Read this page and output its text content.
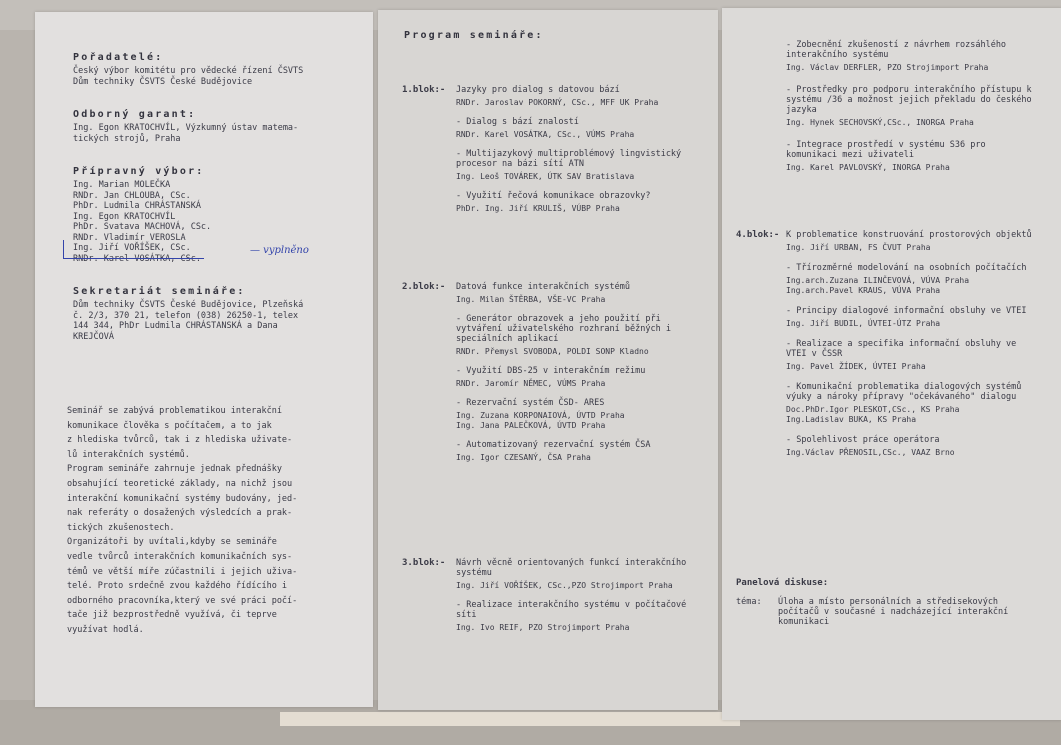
Pořadatelé:
Český výbor komitétu pro vědecké řízení ČSVTS
Dům techniky ČSVTS České Budějovice
Odborný garant:
Ing. Egon KRATOCHVÍL, Výzkumný ústav matema-
tických strojů, Praha
Přípravný výbor:
Ing. Marian MOLEČKA
RNDr. Jan CHLOUBA, CSc.
PhDr. Ludmila CHRÁSTANSKÁ
Ing. Egon KRATOCHVÍL
PhDr. Svatava MACHOVÁ, CSc.
RNDr. Vladimír VEROSLA
Ing. Jiří VOŘÍŠEK, CSc.
RNDr. Karel VOSÁTKA, CSc.
Sekretariát semináře:
Dům techniky ČSVTS České Budějovice, Plzeňská
č. 2/3, 370 21, telefon (038) 26250-1, telex
144 344, PhDr Ludmila CHRÁSTANSKÁ a Dana
KREJČOVÁ
— vyplněno
Seminář se zabývá problematikou interakční
komunikace člověka s počítačem, a to jak
z hlediska tvůrců, tak i z hlediska uživate-
lů interakčních systémů.
Program semináře zahrnuje jednak přednášky
obsahující teoretické základy, na nichž jsou
interakční komunikační systémy budovány, jed-
nak referáty o dosažených výsledcích a prak-
tických zkušenostech.
Organizátoři by uvítali,kdyby se semináře
vedle tvůrců interakčních komunikačních sys-
témů ve větší míře zúčastnili i jejich uživa-
telé. Proto srdečně zvou každého řídícího i
odborného pracovníka,který ve své práci počí-
tače již bezprostředně využívá, či teprve
využívat hodlá.
Program semináře:
1.blok:- Jazyky pro dialog s datovou bází
RNDr. Jaroslav POKORNÝ, CSc., MFF UK Praha
- Dialog s bází znalostí
RNDr. Karel VOSÁTKA, CSc., VÚMS Praha
- Multijazykový multiproblémový lingvistický procesor na bázi sítí ATN
Ing. Leoš TOVÁREK, ÚTK SAV Bratislava
- Využití řečová komunikace obrazovky?
PhDr. Ing. Jiří KRULIŠ, VÚBP Praha
2.blok:- Datová funkce interakčních systémů
Ing. Milan ŠTĚRBA, VŠE-VC Praha
- Generátor obrazovek a jeho použití při vytváření uživatelského rozhraní běžných i speciálních aplikací
RNDr. Přemysl SVOBODA, POLDI SONP Kladno
- Využití DBS-25 v interakčním režimu
RNDr. Jaromír NĚMEC, VÚMS Praha
- Rezervační systém ČSD- ARES
Ing. Zuzana KORPONAIOVÁ, ÚVTD Praha
Ing. Jana PALEČKOVÁ, ÚVTD Praha
- Automatizovaný rezervační systém ČSA
Ing. Igor CZESANÝ, ČSA Praha
3.blok:- Návrh věcně orientovaných funkcí interakčního systému
Ing. Jiří VOŘÍŠEK, CSc.,PZO Strojimport Praha
- Realizace interakčního systému v počítačové síti
Ing. Ivo REIF, PZO Strojimport Praha
- Zobecnění zkušeností z návrhem rozsáhlého interakčního systému
Ing. Václav DERFLER, PZO Strojimport Praha
- Prostředky pro podporu interakčního přístupu k systému /36 a možnost jejich překladu do českého jazyka
Ing. Hynek SECHOVSKÝ,CSc., INORGA Praha
- Integrace prostředí v systému S36 pro komunikaci mezi uživateli
Ing. Karel PAVLOVSKÝ, INORGA Praha
4.blok:- K problematice konstruování prostorových objektů
Ing. Jiří URBAN, FS ČVUT Praha
- Třírozměrné modelování na osobních počítačích
Ing.arch.Zuzana ILINČEVOVÁ, VÚVA Praha
Ing.arch.Pavel KRAUS, VÚVA Praha
- Principy dialogové informační obsluhy ve VTEI
Ing. Jiří BUDIL, ÚVTEI-ÚTZ Praha
- Realizace a specifika informační obsluhy ve VTEI v ČSSR
Ing. Pavel ŽÍDEK, ÚVTEI Praha
- Komunikační problematika dialogových systémů výuky a nároky přípravy "očekávaného" dialogu
Doc.PhDr.Igor PLESKOT,CSc., KS Praha
Ing.Ladislav BUKA, KS Praha
- Spolehlivost práce operátora
Ing.Václav PŘENOSIL,CSc., VAAZ Brno
Panelová diskuse:
téma: Úloha a místo personálních a středisekových počítačů v současné i nadcházející interakční komunikaci
